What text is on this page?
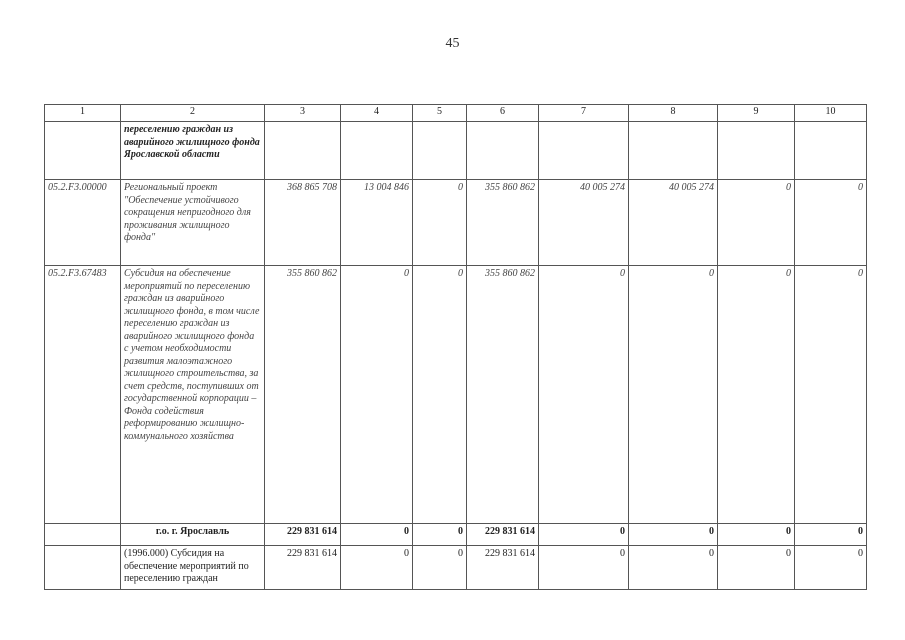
45
1	2	3	4	5	6	7	8	9	10
	переселению граждан из аварийного жилищного фонда Ярославской области								
05.2.F3.00000	Региональный проект "Обеспечение устойчивого сокращения непригодного для проживания жилищного фонда"	368 865 708	13 004 846	0	355 860 862	40 005 274	40 005 274	0	0
05.2.F3.67483	Субсидия на обеспечение мероприятий по переселению граждан из аварийного жилищного фонда, в том числе переселению граждан из аварийного жилищного фонда с учетом необходимости развития малоэтажного жилищного строительства, за счет средств, поступивших от государственной корпорации – Фонда содействия реформированию жилищно-коммунального хозяйства	355 860 862	0	0	355 860 862	0	0	0	0
	г.о. г. Ярославль	229 831 614	0	0	229 831 614	0	0	0	0
	(1996.000) Субсидия на обеспечение мероприятий по переселению граждан	229 831 614	0	0	229 831 614	0	0	0	0
